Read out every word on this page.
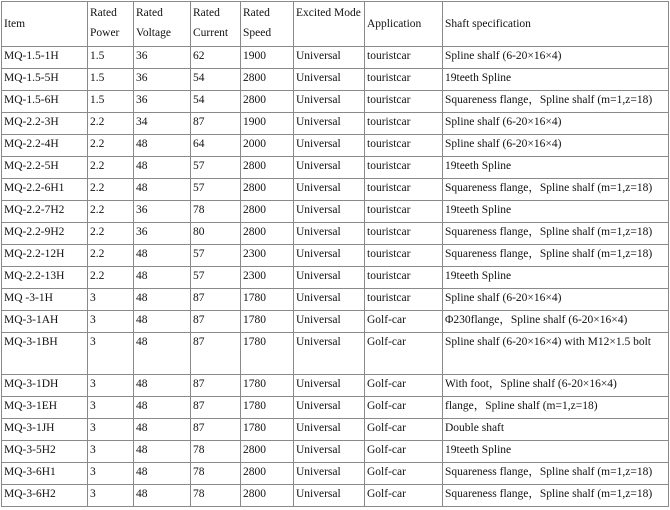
Item	Rated Power	Rated Voltage	Rated Current	Rated Speed	Excited Mode	Application	Shaft specification
MQ-1.5-1H	1.5	36	62	1900	Universal	touristcar	Spline shalf (6-20×16×4)
MQ-1.5-5H	1.5	36	54	2800	Universal	touristcar	19teeth Spline
MQ-1.5-6H	1.5	36	54	2800	Universal	touristcar	Squareness flange，Spline shalf (m=1,z=18)
MQ-2.2-3H	2.2	34	87	1900	Universal	touristcar	Spline shalf (6-20×16×4)
MQ-2.2-4H	2.2	48	64	2000	Universal	touristcar	Spline shalf (6-20×16×4)
MQ-2.2-5H	2.2	48	57	2800	Universal	touristcar	19teeth Spline
MQ-2.2-6H1	2.2	48	57	2800	Universal	touristcar	Squareness flange，Spline shalf (m=1,z=18)
MQ-2.2-7H2	2.2	36	78	2800	Universal	touristcar	19teeth Spline
MQ-2.2-9H2	2.2	36	80	2800	Universal	touristcar	Squareness flange，Spline shalf (m=1,z=18)
MQ-2.2-12H	2.2	48	57	2300	Universal	touristcar	Squareness flange，Spline shalf (m=1,z=18)
MQ-2.2-13H	2.2	48	57	2300	Universal	touristcar	19teeth Spline
MQ -3-1H	3	48	87	1780	Universal	touristcar	Spline shalf (6-20×16×4)
MQ-3-1AH	3	48	87	1780	Universal	Golf-car	Φ230flange，Spline shalf (6-20×16×4)
MQ-3-1BH	3	48	87	1780	Universal	Golf-car	Spline shalf (6-20×16×4) with M12×1.5 bolt
MQ-3-1DH	3	48	87	1780	Universal	Golf-car	With foot，Spline shalf (6-20×16×4)
MQ-3-1EH	3	48	87	1780	Universal	Golf-car	flange，Spline shalf (m=1,z=18)
MQ-3-1JH	3	48	87	1780	Universal	Golf-car	Double shaft
MQ-3-5H2	3	48	78	2800	Universal	Golf-car	19teeth Spline
MQ-3-6H1	3	48	78	2800	Universal	Golf-car	Squareness flange，Spline shalf (m=1,z=18)
MQ-3-6H2	3	48	78	2800	Universal	Golf-car	Squareness flange，Spline shalf (m=1,z=18)
